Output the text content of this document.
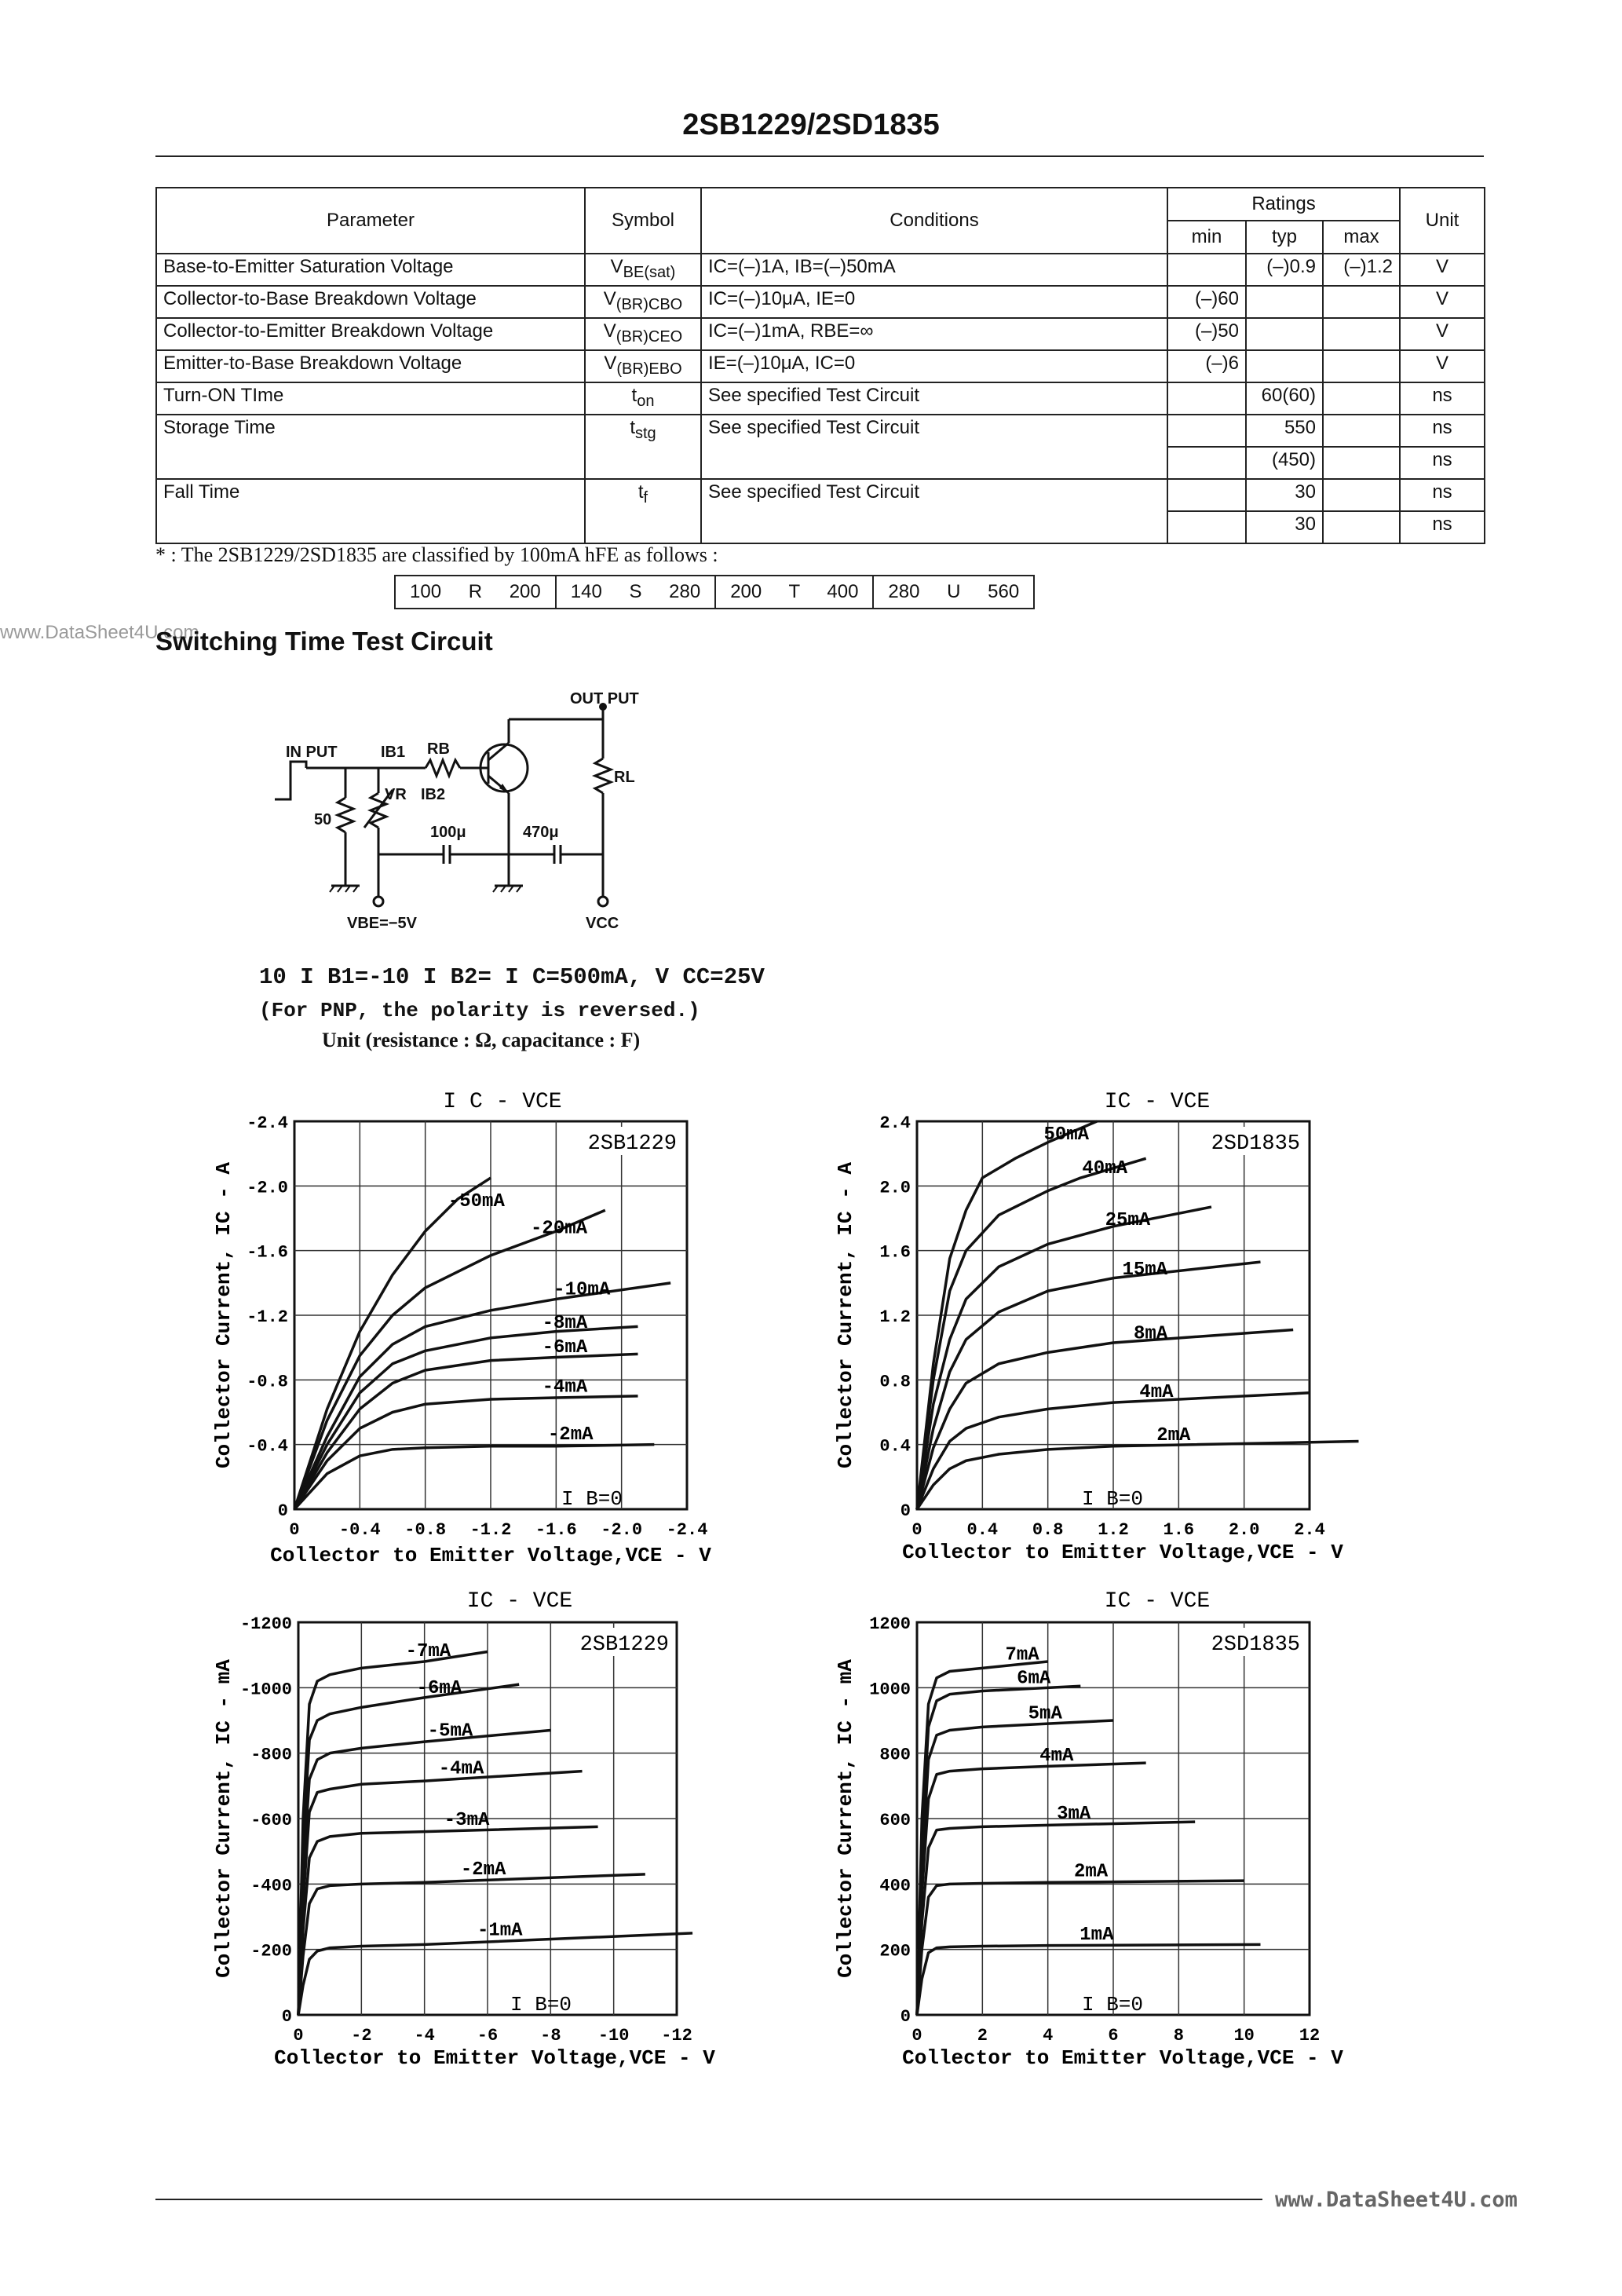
2SB1229/2SD1835
Parameter	Symbol	Conditions	Ratings			Unit
			min	typ	max	
Base-to-Emitter Saturation Voltage	$V_{BE(sat)}$	IC=(–)1A, IB=(–)50mA		(–)0.9	(–)1.2	V
Collector-to-Base Breakdown Voltage	$V_{(BR)CBO}$	IC=(–)10μA, IE=0	(–)60			V
Collector-to-Emitter Breakdown Voltage	$V_{(BR)CEO}$	IC=(–)1mA, RBE=∞	(–)50			V
Emitter-to-Base Breakdown Voltage	$V_{(BR)EBO}$	IE=(–)10μA, IC=0	(–)6			V
Turn-ON TIme	$t_{on}$	See specified Test Circuit		60(60)		ns
Storage Time	$t_{stg}$	See specified Test Circuit		550		ns
				(450)		ns
Fall Time	$t_f$	See specified Test Circuit		30		ns
				30		ns
* : The 2SB1229/2SD1835 are classified by 100mA hFE as follows :
100 R 200	140 S 280	200 T 400	280 U 560
www.DataSheet4U.com
Switching Time Test Circuit
OUT PUT
IN PUT	IB1 RB
VR IB2
RL
50
100μ	470μ
VBE=−5V	VCC
10 I B1=-10 I B2= I C=500mA, V CC=25V
(For PNP, the polarity is reversed.)
Unit (resistance : Ω, capacitance : F)
I C - VCE
0 -0.4 -0.8 -1.2 -1.6 -2.0 -2.4
0
-0.4
-0.8
-1.2
-1.6
-2.0
-2.4
-50mA
-20mA
-10mA
-8mA
-6mA
-4mA
-2mA
2SB1229
I B=0
Collector to Emitter Voltage,VCE - V
Collector Current, IC - A
IC - VCE
0	0.4 0.8 1.2 1.6 2.0 2.4
0
0.4
0.8
1.2
1.6
2.0
2.4
50mA
40mA
25mA
15mA
8mA
4mA
2mA
2SD1835
I B=0
Collector to Emitter Voltage,VCE - V
Collector Current, IC - A
IC - VCE
0	-2 -4 -6 -8 -10 -12
0
-200
-400
-600
-800
-1000
-1200
-7mA
-6mA
-5mA
-4mA
-3mA
-2mA
-1mA
2SB1229
I B=0
Collector to Emitter Voltage,VCE - V
Collector Current, IC - mA
IC - VCE
0	2	4	6	8	10	12
0
200
400
600
800
1000
1200
7mA
6mA
5mA
4mA
3mA
2mA
1mA
2SD1835
I B=0
Collector to Emitter Voltage,VCE - V
Collector Current, IC - mA
www.DataSheet4U.com
